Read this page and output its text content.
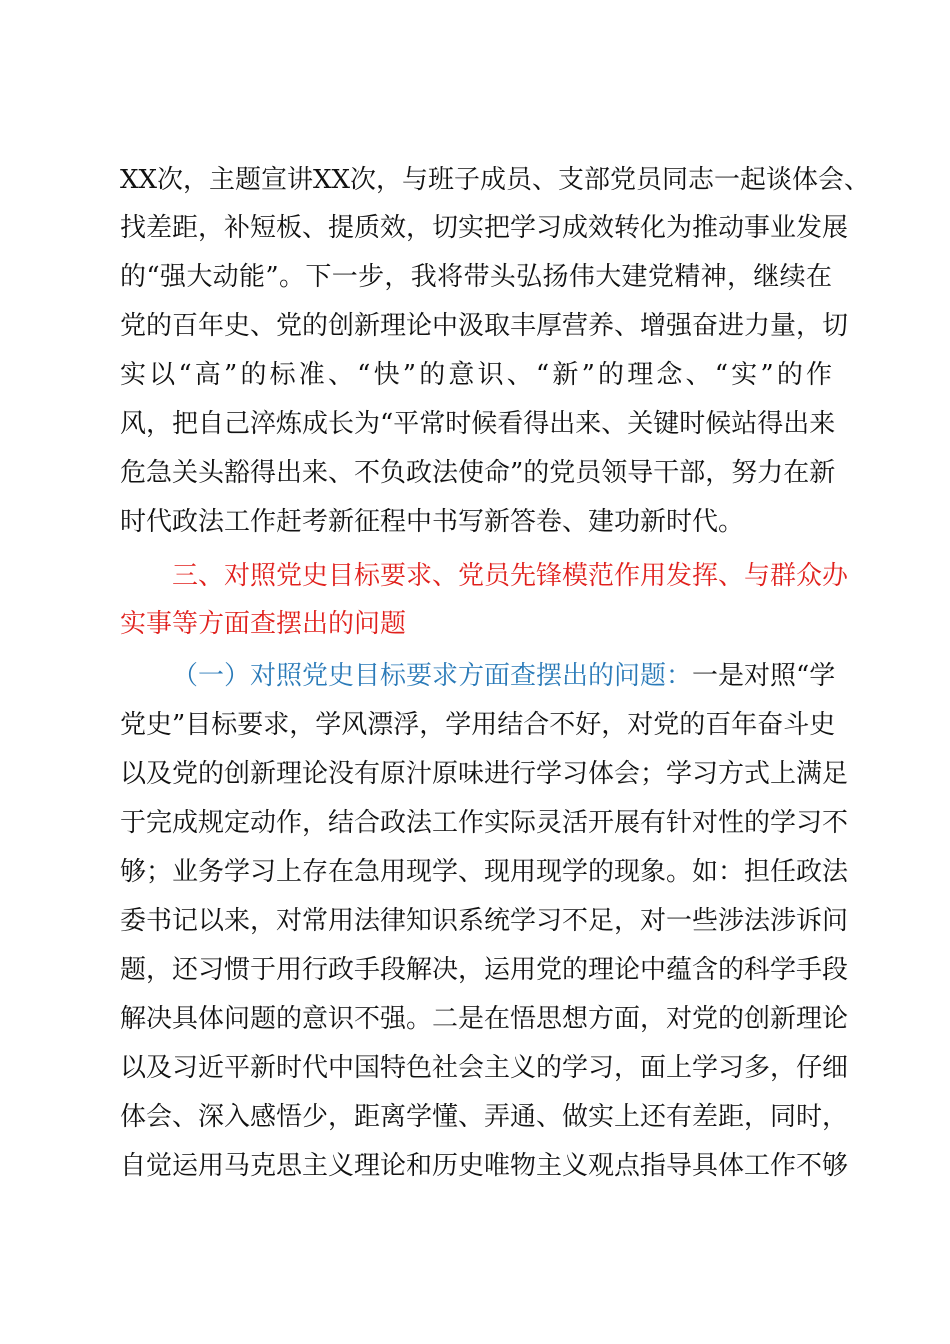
XX次，主题宣讲XX次，与班子成员、支部党员同志一起谈体会、
找差距，补短板、提质效，切实把学习成效转化为推动事业发展
的“强大动能”。下一步，我将带头弘扬伟大建党精神，继续在
党的百年史、党的创新理论中汲取丰厚营养、增强奋进力量，切
实以“高”的标准、“快”的意识、“新”的理念、“实”的作
风，把自己淬炼成长为“平常时候看得出来、关键时候站得出来
危急关头豁得出来、不负政法使命”的党员领导干部，努力在新
时代政法工作赶考新征程中书写新答卷、建功新时代。
三、对照党史目标要求、党员先锋模范作用发挥、与群众办
实事等方面查摆出的问题
（一）对照党史目标要求方面查摆出的问题：一是对照“学
党史”目标要求，学风漂浮，学用结合不好，对党的百年奋斗史
以及党的创新理论没有原汁原味进行学习体会；学习方式上满足
于完成规定动作，结合政法工作实际灵活开展有针对性的学习不
够；业务学习上存在急用现学、现用现学的现象。如：担任政法
委书记以来，对常用法律知识系统学习不足，对一些涉法涉诉问
题，还习惯于用行政手段解决，运用党的理论中蕴含的科学手段
解决具体问题的意识不强。二是在悟思想方面，对党的创新理论
以及习近平新时代中国特色社会主义的学习，面上学习多，仔细
体会、深入感悟少，距离学懂、弄通、做实上还有差距，同时，
自觉运用马克思主义理论和历史唯物主义观点指导具体工作不够
